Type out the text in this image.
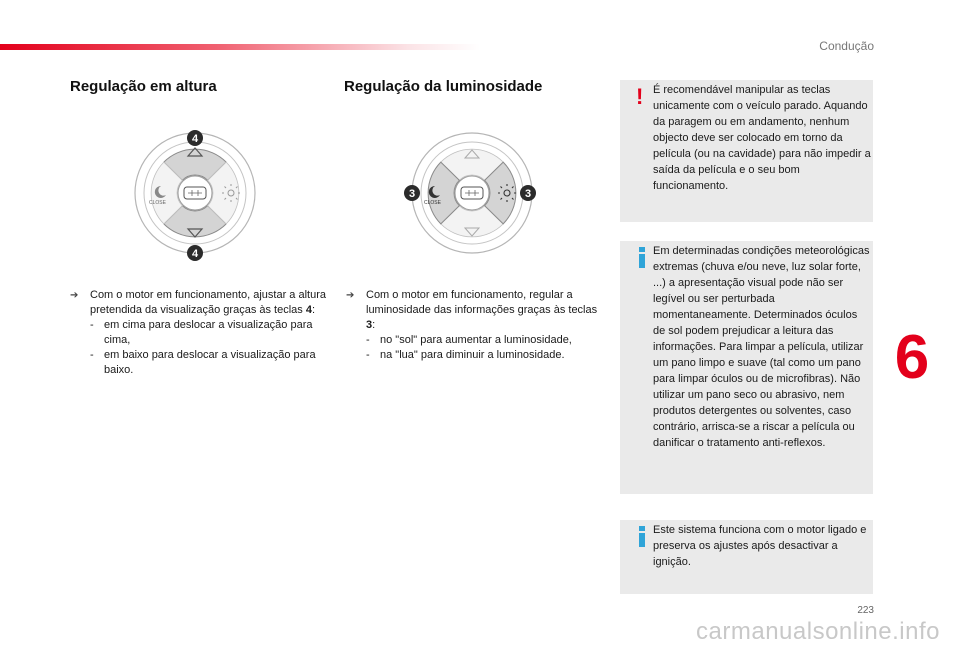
Condução
6
Regulação em altura
CLOSE
4
4
➔	Com o motor em funcionamento, ajustar a altura pretendida da visualização graças às teclas 4:
- em cima para deslocar a visualização para cima,
- em baixo para deslocar a visualização para baixo.
Regulação da luminosidade
CLOSE
3	3
➔	Com o motor em funcionamento, regular a luminosidade das informações graças às teclas 3:
- no "sol" para aumentar a luminosidade,
- na "lua" para diminuir a luminosidade.
! É recomendável manipular as teclas unicamente com o veículo parado. Aquando da paragem ou em andamento, nenhum objecto deve ser colocado em torno da película (ou na cavidade) para não impedir a saída da película e o seu bom funcionamento.
Em determinadas condições meteorológicas extremas (chuva e/ou neve, luz solar forte, ...) a apresentação visual pode não ser legível ou ser perturbada momentaneamente. Determinados óculos de sol podem prejudicar a leitura das informações. Para limpar a película, utilizar um pano limpo e suave (tal como um pano para limpar óculos ou de microfibras). Não utilizar um pano seco ou abrasivo, nem produtos detergentes ou solventes, caso contrário, arrisca-se a riscar a película ou danificar o tratamento anti-reflexos.
Este sistema funciona com o motor ligado e preserva os ajustes após desactivar a ignição.
223
carmanualsonline.info
